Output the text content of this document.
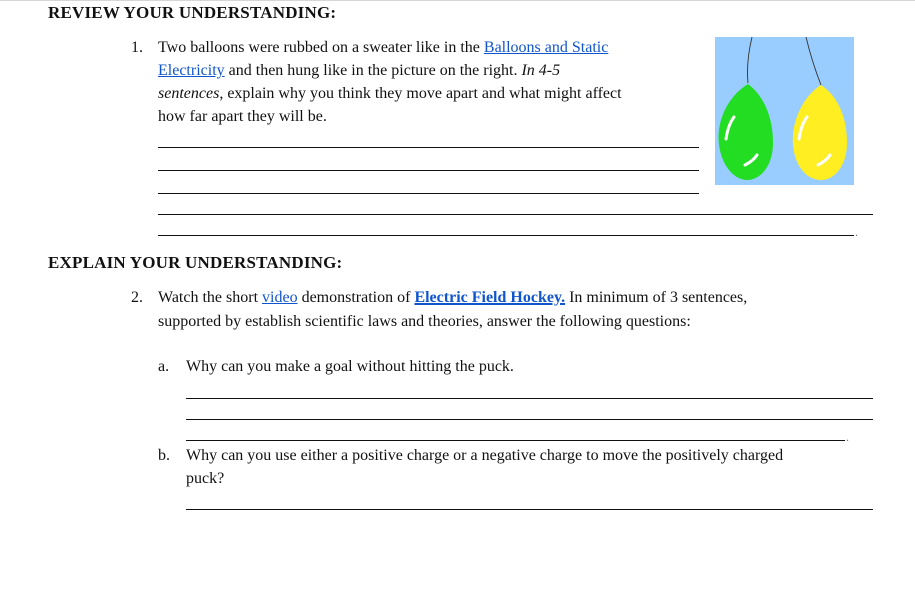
REVIEW YOUR UNDERSTANDING:
1. Two balloons were rubbed on a sweater like in the Balloons and Static
Electricity and then hung like in the picture on the right. In 4-5
sentences, explain why you think they move apart and what might affect
how far apart they will be.
.
EXPLAIN YOUR UNDERSTANDING:
2. Watch the short video demonstration of Electric Field Hockey. In minimum of 3 sentences,
supported by establish scientific laws and theories, answer the following questions:
a. Why can you make a goal without hitting the puck.
.
b. Why can you use either a positive charge or a negative charge to move the positively charged
puck?
